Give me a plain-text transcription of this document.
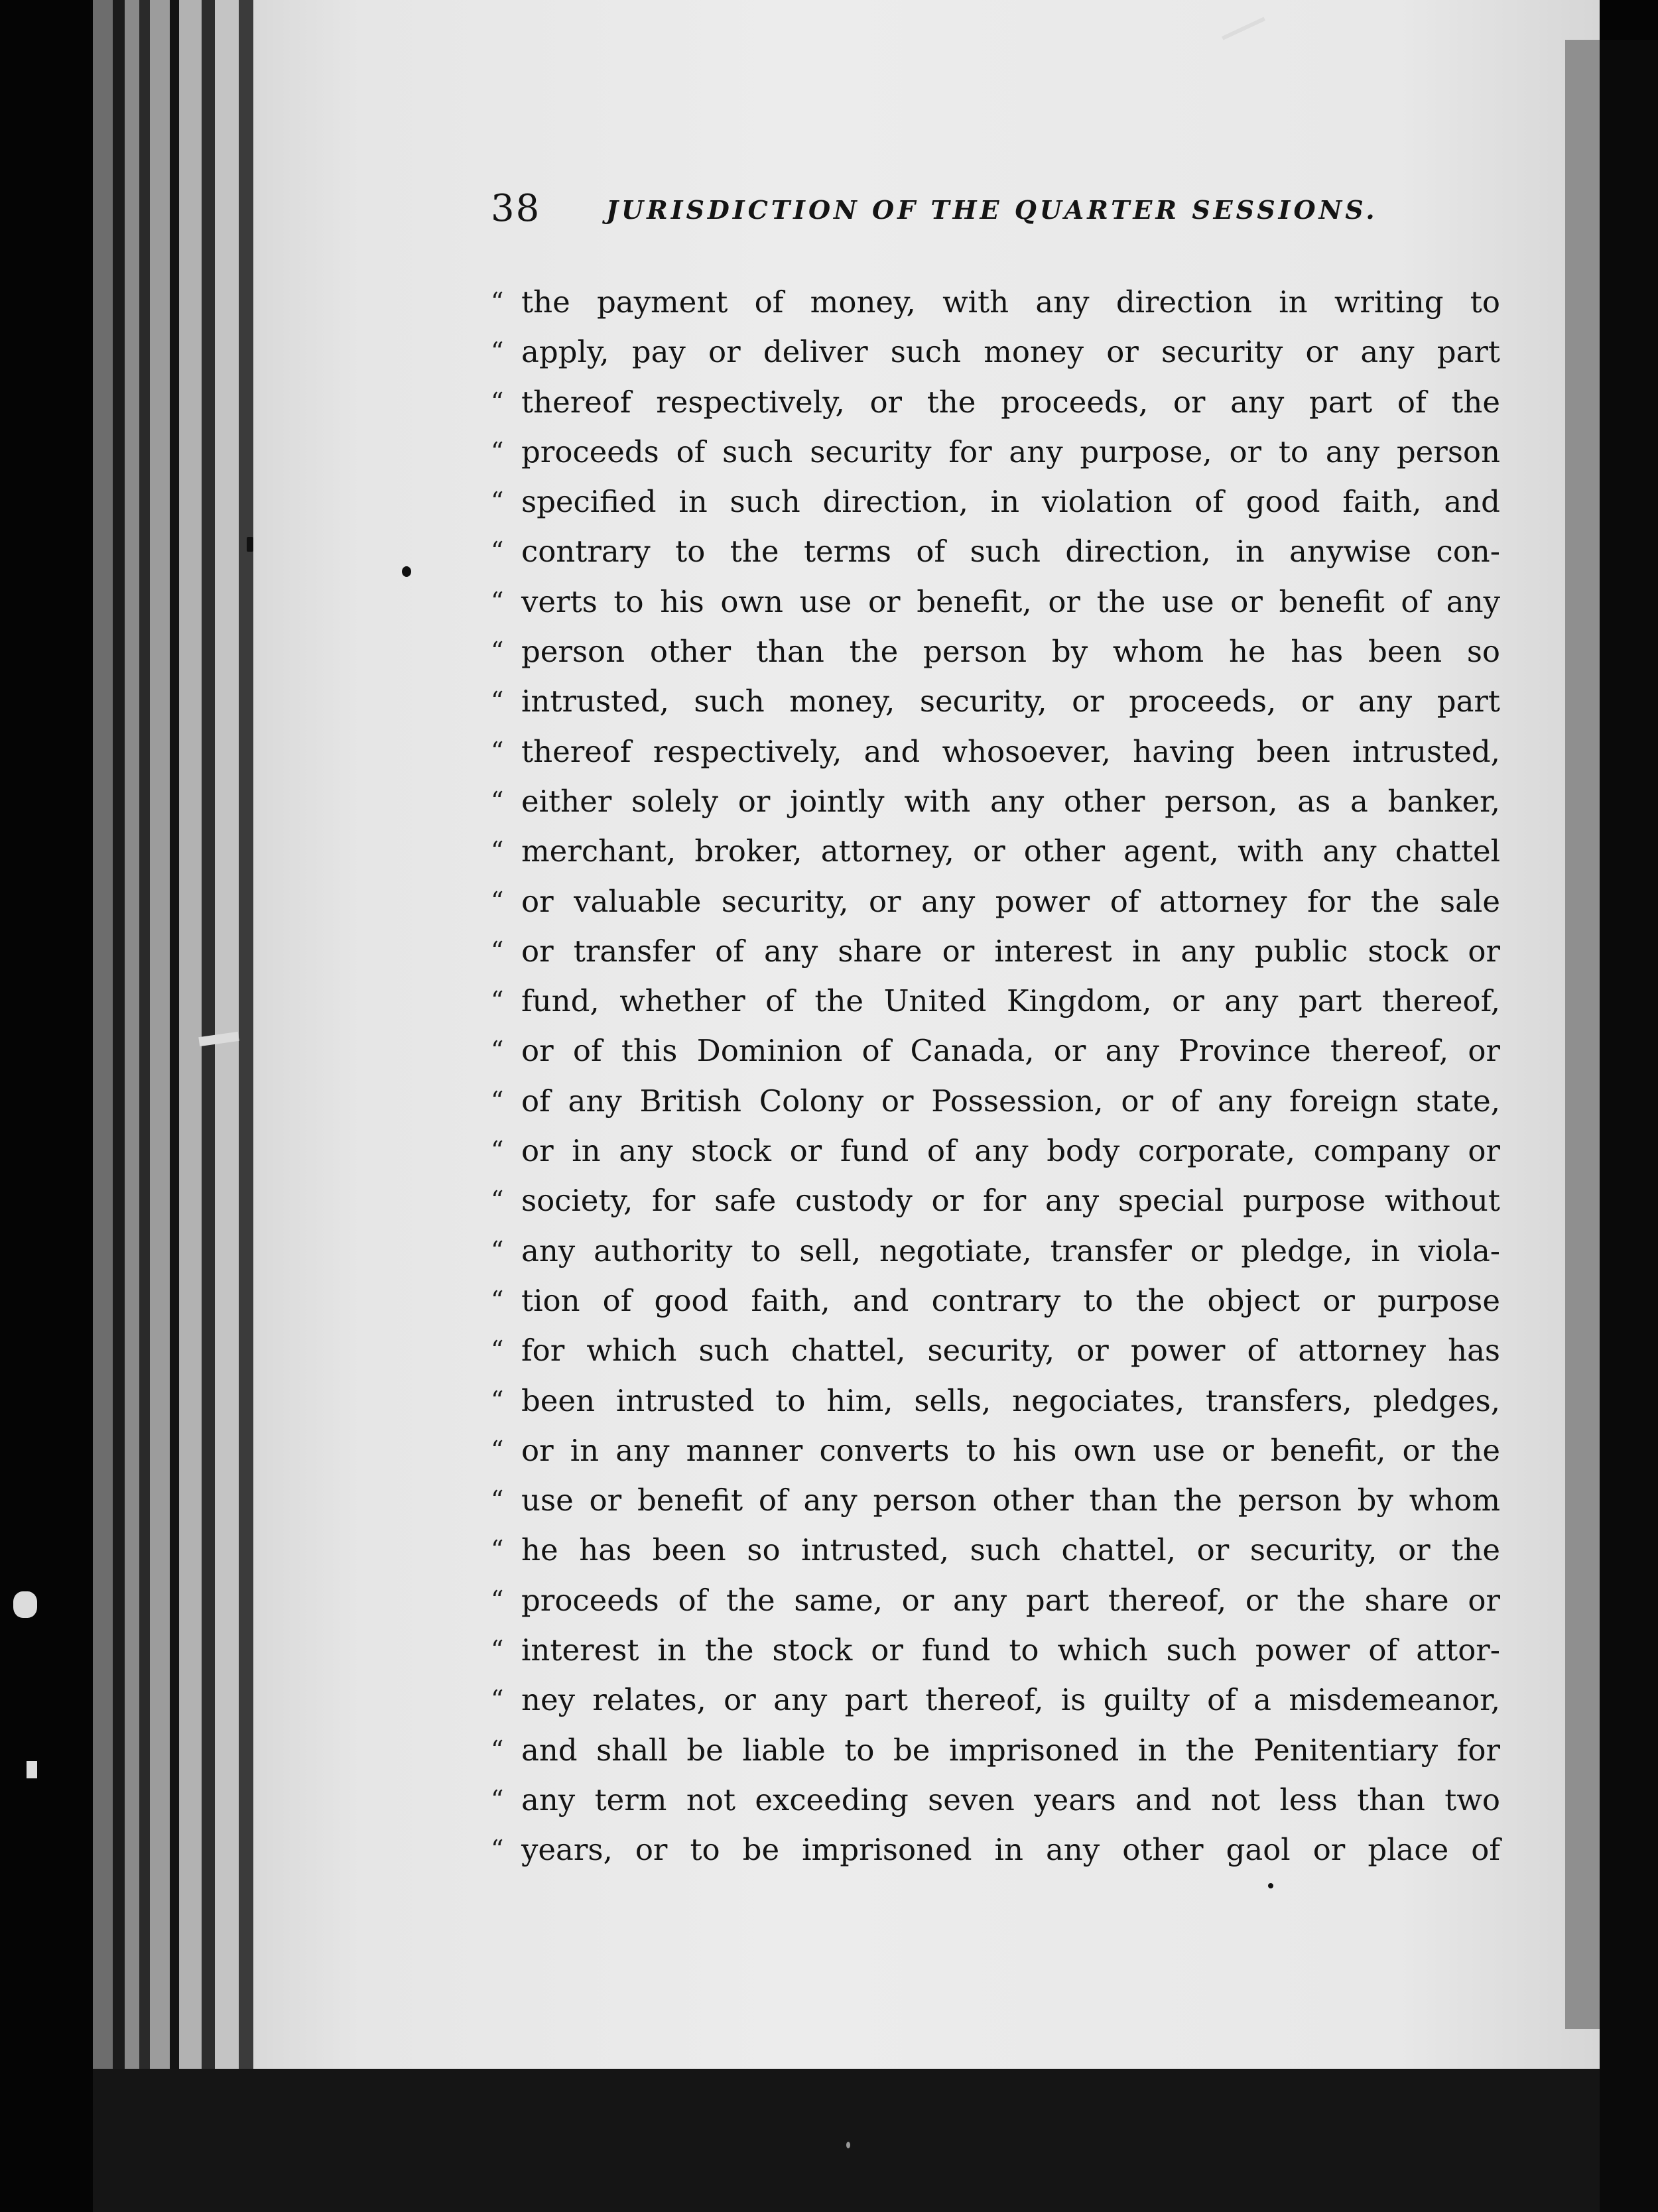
38	JURISDICTION OF THE QUARTER SESSIONS.
“ the payment of money, with any direction in writing to
“ apply, pay or deliver such money or security or any part
“ thereof respectively, or the proceeds, or any part of the
“ proceeds of such security for any purpose, or to any person
“ specified in such direction, in violation of good faith, and
“ contrary to the terms of such direction, in anywise con-
“ verts to his own use or benefit, or the use or benefit of any
“ person other than the person by whom he has been so
“ intrusted, such money, security, or proceeds, or any part
“ thereof respectively, and whosoever, having been intrusted,
“ either solely or jointly with any other person, as a banker,
“ merchant, broker, attorney, or other agent, with any chattel
“ or valuable security, or any power of attorney for the sale
“ or transfer of any share or interest in any public stock or
“ fund, whether of the United Kingdom, or any part thereof,
“ or of this Dominion of Canada, or any Province thereof, or
“ of any British Colony or Possession, or of any foreign state,
“ or in any stock or fund of any body corporate, company or
“ society, for safe custody or for any special purpose without
“ any authority to sell, negotiate, transfer or pledge, in viola-
“ tion of good faith, and contrary to the object or purpose
“ for which such chattel, security, or power of attorney has
“ been intrusted to him, sells, negociates, transfers, pledges,
“ or in any manner converts to his own use or benefit, or the
“ use or benefit of any person other than the person by whom
“ he has been so intrusted, such chattel, or security, or the
“ proceeds of the same, or any part thereof, or the share or
“ interest in the stock or fund to which such power of attor-
“ ney relates, or any part thereof, is guilty of a misdemeanor,
“ and shall be liable to be imprisoned in the Penitentiary for
“ any term not exceeding seven years and not less than two
“ years, or to be imprisoned in any other gaol or place of
